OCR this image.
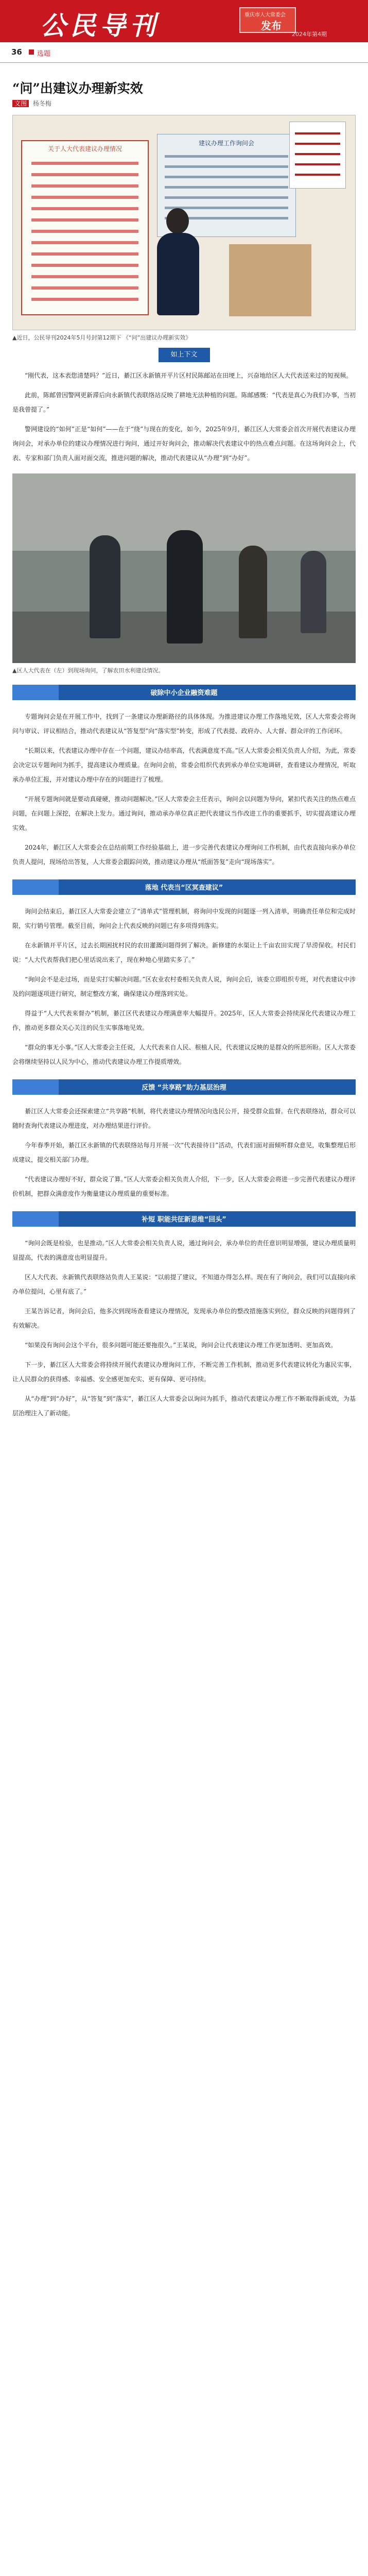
公民导刊	重庆市人大常委会
发布
2024年第4期
36 选题
“问”出建议办理新实效
文图 杨冬梅
关于人大代表建议办理情况
建议办理工作询问会

▲近日，公民导刊2024年5月号封第12期下 《“问”出建议办理新实效》

如上下文

“刚代表，这本表您清楚吗？”近日，綦江区永新镇开平片区村民陈邮站在田埂上，兴奋地给区人大代表送来过的短视频。

此前，陈邮曾因警网更新滞后向永新镇代表联络站反映了耕地无法种植的问题。陈邮感慨：“代表是真心为我们办事，当初是我曾提了。”

警网建设的“如何”正是“如何”——在于“绕”与现在的变化，如今，2025年9月，綦江区人大常委会首次开展代表建议办理询问会，对承办单位的建议办理情况进行询问，通过开好询问会，推动解决代表建议中的热点难点问题。在这场询问会上，代表、专家和部门负责人面对面交流，推进问题的解决，推动代表建议从“办理”到“办好”。

▲区人大代表在（左）到现场询问，了解农田水利建设情况。

破除中小企业融资难题

专题询问会是在开展工作中，找到了一条建议办理新路径的具体体现。为推进建议办理工作落地见效，区人大常委会将询问与审议、评议相结合，推动代表建议从“答复型”向“落实型”转变，形成了代表提、政府办、人大督、群众评的工作闭环。

“长期以来，代表建议办理中存在一个问题，建议办结率高，代表满意度不高。”区人大常委会相关负责人介绍，为此，常委会决定以专题询问为抓手，提高建议办理质量。在询问会前，常委会组织代表到承办单位实地调研，查看建议办理情况，听取承办单位汇报，并对建议办理中存在的问题进行了梳理。

“开展专题询问就是要动真碰硬，推动问题解决。”区人大常委会主任表示，询问会以问题为导向，紧扣代表关注的热点难点问题，在问题上深挖，在解决上发力。通过询问，推动承办单位真正把代表建议当作改进工作的重要抓手，切实提高建议办理实效。

2024年，綦江区人大常委会在总结前期工作经验基础上，进一步完善代表建议办理询问工作机制，由代表直接向承办单位负责人提问，现场给出答复，人大常委会跟踪问效，推动建议办理从“纸面答复”走向“现场落实”。

落地 代表当“区冥查建议”

询问会结束后，綦江区人大常委会建立了“清单式”管理机制，将询问中发现的问题逐一列入清单，明确责任单位和完成时限，实行销号管理。截至目前，询问会上代表反映的问题已有多项得到落实。

在永新镇开平片区，过去长期困扰村民的农田灌溉问题得到了解决。新修建的水渠让上千亩农田实现了旱涝保收。村民们说：“人大代表帮我们把心里话说出来了，现在种地心里踏实多了。”

“询问会不是走过场，而是实打实解决问题。”区农业农村委相关负责人说，询问会后，该委立即组织专班，对代表建议中涉及的问题逐项进行研究，制定整改方案，确保建议办理落到实处。

得益于“人大代表来督办”机制，綦江区代表建议办理满意率大幅提升。2025年，区人大常委会持续深化代表建议办理工作，推动更多群众关心关注的民生实事落地见效。

“群众的事无小事。”区人大常委会主任说，人大代表来自人民、根植人民，代表建议反映的是群众的所思所盼。区人大常委会将继续坚持以人民为中心，推动代表建议办理工作提质增效。

反馈 “共享路”助力基层治理

綦江区人大常委会还探索建立“共享路”机制，将代表建议办理情况向选民公开，接受群众监督。在代表联络站，群众可以随时查询代表建议办理进度，对办理结果进行评价。

今年春季开始，綦江区永新镇的代表联络站每月开展一次“代表接待日”活动，代表们面对面倾听群众意见，收集整理后形成建议，提交相关部门办理。

“代表建议办理好不好，群众说了算。”区人大常委会相关负责人介绍，下一步，区人大常委会将进一步完善代表建议办理评价机制，把群众满意度作为衡量建议办理质量的重要标准。

补短 职能共征新思维“回头”

“询问会既是检验，也是推动。”区人大常委会相关负责人说，通过询问会，承办单位的责任意识明显增强，建议办理质量明显提高，代表的满意度也明显提升。

区人大代表、永新镇代表联络站负责人王某说：“以前提了建议，不知道办得怎么样。现在有了询问会，我们可以直接向承办单位提问，心里有底了。”

王某告诉记者，询问会后，他多次到现场查看建议办理情况，发现承办单位的整改措施落实到位，群众反映的问题得到了有效解决。

“如果没有询问会这个平台，很多问题可能还要拖很久。”王某说，询问会让代表建议办理工作更加透明、更加高效。

下一步，綦江区人大常委会将持续开展代表建议办理询问工作，不断完善工作机制，推动更多代表建议转化为惠民实事，让人民群众的获得感、幸福感、安全感更加充实、更有保障、更可持续。

从“办理”到“办好”，从“答复”到“落实”，綦江区人大常委会以询问为抓手，推动代表建议办理工作不断取得新成效，为基层治理注入了新动能。
